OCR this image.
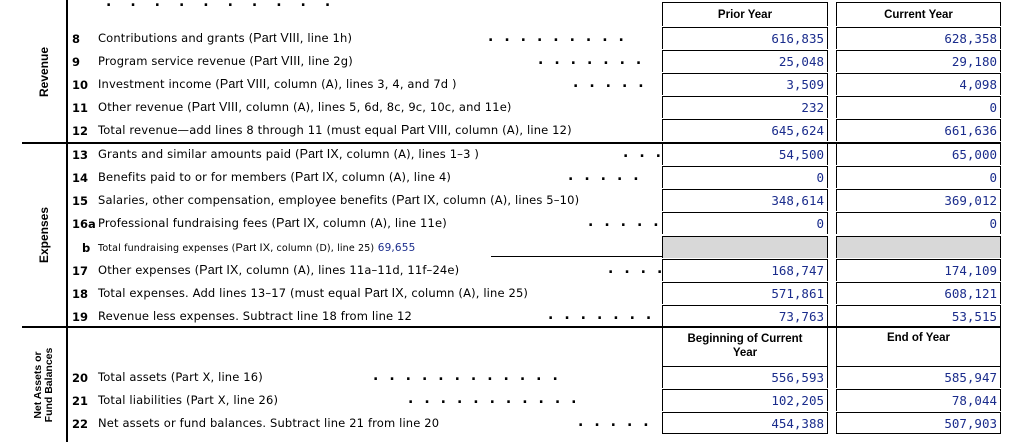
..........
Revenue
Expenses
Net Assets or
Fund Balances
Prior Year	Current Year
Beginning of Current Year
End of Year
8 Contributions and grants (Part VIII, line 1h)	.........	616,835	628,358
9 Program service revenue (Part VIII, line 2g)	.......	25,048	29,180
10 Investment income (Part VIII, column (A), lines 3, 4, and 7d )	.....	3,509	4,098
11 Other revenue (Part VIII, column (A), lines 5, 6d, 8c, 9c, 10c, and 11e)	232	0
12 Total revenue—add lines 8 through 11 (must equal Part VIII, column (A), line 12)	645,624	661,636
13 Grants and similar amounts paid (Part IX, column (A), lines 1–3 )	...	54,500	65,000
14 Benefits paid to or for members (Part IX, column (A), line 4)	.....	0	0
15 Salaries, other compensation, employee benefits (Part IX, column (A), lines 5–10)	348,614	369,012
16a Professional fundraising fees (Part IX, column (A), line 11e)	.....	0	0
b Total fundraising expenses (Part IX, column (D), line 25) 69,655
17 Other expenses (Part IX, column (A), lines 11a–11d, 11f–24e)	....	168,747	174,109
18 Total expenses. Add lines 13–17 (must equal Part IX, column (A), line 25)	571,861	608,121
19 Revenue less expenses. Subtract line 18 from line 12	.......	73,763	53,515
20 Total assets (Part X, line 16)	............	556,593	585,947
21 Total liabilities (Part X, line 26)	...........	102,205	78,044
22 Net assets or fund balances. Subtract line 21 from line 20	.....	454,388	507,903
